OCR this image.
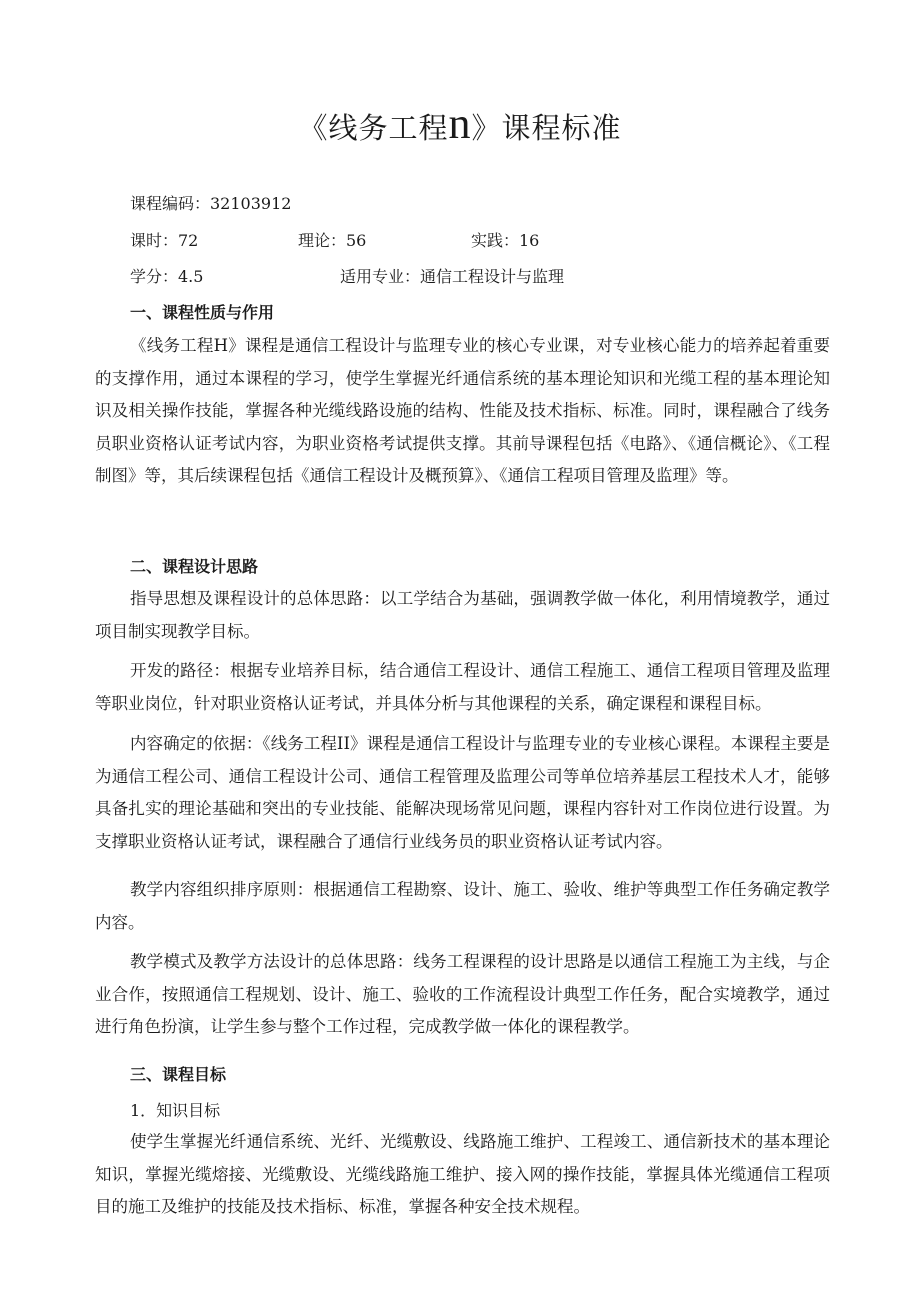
《线务工程n》课程标准
课程编码：32103912
课时：72	理论：56	实践：16
学分：4.5	适用专业：通信工程设计与监理
一、课程性质与作用

《线务工程H》课程是通信工程设计与监理专业的核心专业课，对专业核心能力的培养起着重要的支撑作用，通过本课程的学习，使学生掌握光纤通信系统的基本理论知识和光缆工程的基本理论知识及相关操作技能，掌握各种光缆线路设施的结构、性能及技术指标、标准。同时，课程融合了线务员职业资格认证考试内容，为职业资格考试提供支撑。其前导课程包括《电路》、《通信概论》、《工程制图》等，其后续课程包括《通信工程设计及概预算》、《通信工程项目管理及监理》等。

二、课程设计思路

指导思想及课程设计的总体思路：以工学结合为基础，强调教学做一体化，利用情境教学，通过项目制实现教学目标。

开发的路径：根据专业培养目标，结合通信工程设计、通信工程施工、通信工程项目管理及监理等职业岗位，针对职业资格认证考试，并具体分析与其他课程的关系，确定课程和课程目标。

内容确定的依据：《线务工程II》课程是通信工程设计与监理专业的专业核心课程。本课程主要是为通信工程公司、通信工程设计公司、通信工程管理及监理公司等单位培养基层工程技术人才，能够具备扎实的理论基础和突出的专业技能、能解决现场常见问题，课程内容针对工作岗位进行设置。为支撑职业资格认证考试，课程融合了通信行业线务员的职业资格认证考试内容。

教学内容组织排序原则：根据通信工程勘察、设计、施工、验收、维护等典型工作任务确定教学内容。

教学模式及教学方法设计的总体思路：线务工程课程的设计思路是以通信工程施工为主线，与企业合作，按照通信工程规划、设计、施工、验收的工作流程设计典型工作任务，配合实境教学，通过进行角色扮演，让学生参与整个工作过程，完成教学做一体化的课程教学。

三、课程目标
1．知识目标

使学生掌握光纤通信系统、光纤、光缆敷设、线路施工维护、工程竣工、通信新技术的基本理论知识，掌握光缆熔接、光缆敷设、光缆线路施工维护、接入网的操作技能，掌握具体光缆通信工程项目的施工及维护的技能及技术指标、标准，掌握各种安全技术规程。
